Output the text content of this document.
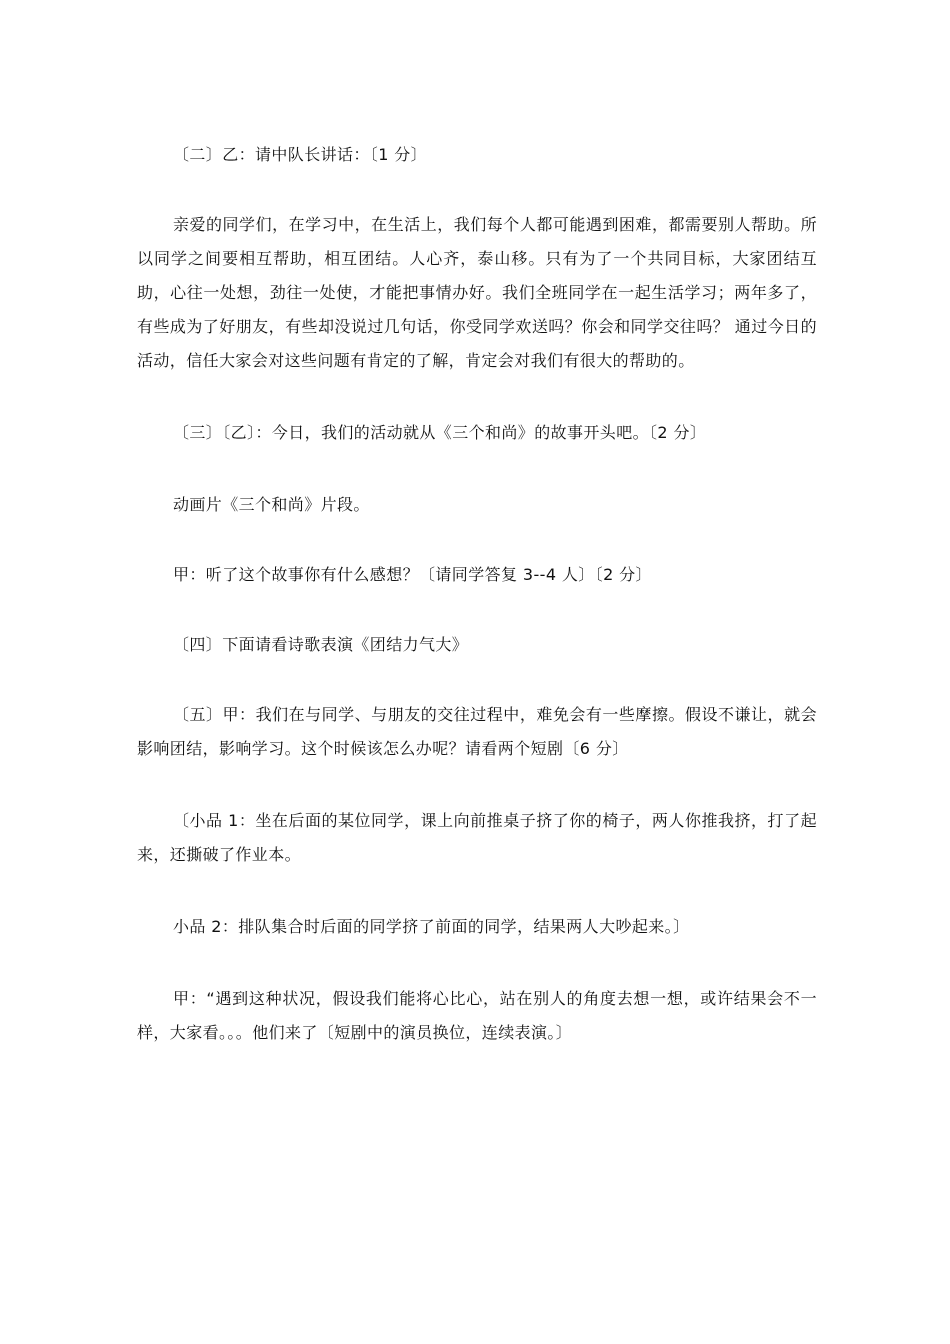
〔二〕乙：请中队长讲话：〔1 分〕

亲爱的同学们，在学习中，在生活上，我们每个人都可能遇到困难，都需要别人帮助。所以同学之间要相互帮助，相互团结。人心齐，泰山移。只有为了一个共同目标，大家团结互助，心往一处想，劲往一处使，才能把事情办好。我们全班同学在一起生活学习；两年多了，有些成为了好朋友，有些却没说过几句话，你受同学欢送吗？你会和同学交往吗？ 通过今日的活动，信任大家会对这些问题有肯定的了解，肯定会对我们有很大的帮助的。

〔三〕〔乙〕：今日，我们的活动就从《三个和尚》的故事开头吧。〔2 分〕

动画片《三个和尚》片段。

甲：听了这个故事你有什么感想？〔请同学答复 3--4 人〕〔2 分〕

〔四〕下面请看诗歌表演《团结力气大》

〔五〕甲：我们在与同学、与朋友的交往过程中，难免会有一些摩擦。假设不谦让，就会影响团结，影响学习。这个时候该怎么办呢？请看两个短剧〔6 分〕

〔小品 1：坐在后面的某位同学，课上向前推桌子挤了你的椅子，两人你推我挤，打了起来，还撕破了作业本。

小品 2：排队集合时后面的同学挤了前面的同学，结果两人大吵起来。〕

甲：“遇到这种状况，假设我们能将心比心，站在别人的角度去想一想，或许结果会不一样，大家看。。。他们来了〔短剧中的演员换位，连续表演。〕
